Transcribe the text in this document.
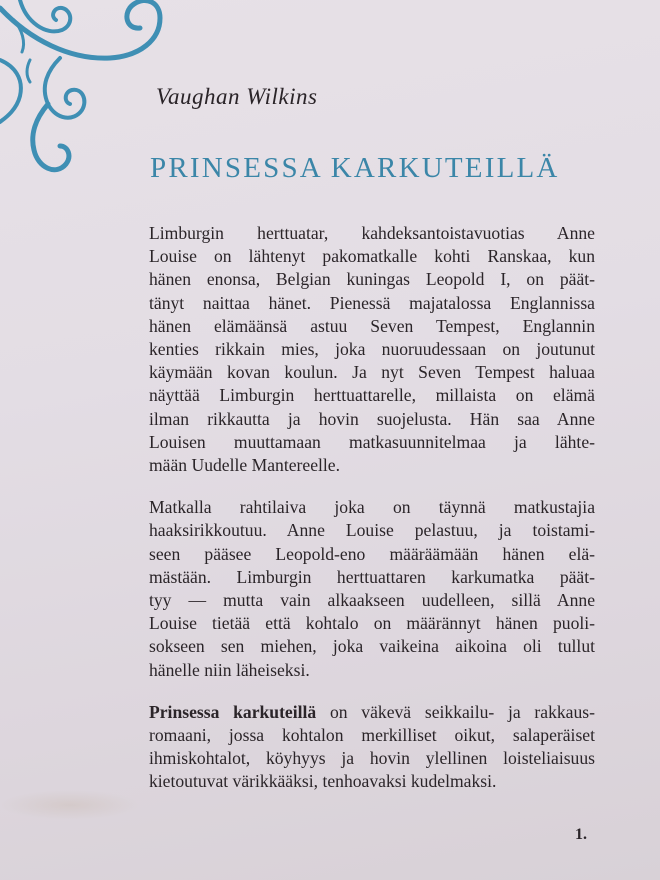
Vaughan Wilkins
PRINSESSA KARKUTEILLÄ

Limburgin herttuatar, kahdeksantoistavuotias Anne
Louise on lähtenyt pakomatkalle kohti Ranskaa, kun
hänen enonsa, Belgian kuningas Leopold I, on päät-
tänyt naittaa hänet. Pienessä majatalossa Englannissa
hänen elämäänsä astuu Seven Tempest, Englannin
kenties rikkain mies, joka nuoruudessaan on joutunut
käymään kovan koulun. Ja nyt Seven Tempest haluaa
näyttää Limburgin herttuattarelle, millaista on elämä
ilman rikkautta ja hovin suojelusta. Hän saa Anne
Louisen muuttamaan matkasuunnitelmaa ja lähte-
mään Uudelle Mantereelle.

Matkalla rahtilaiva joka on täynnä matkustajia
haaksirikkoutuu. Anne Louise pelastuu, ja toistami-
seen pääsee Leopold-eno määräämään hänen elä-
mästään. Limburgin herttuattaren karkumatka päät-
tyy — mutta vain alkaakseen uudelleen, sillä Anne
Louise tietää että kohtalo on määrännyt hänen puoli-
sokseen sen miehen, joka vaikeina aikoina oli tullut
hänelle niin läheiseksi.

Prinsessa karkuteillä on väkevä seikkailu- ja rakkaus-
romaani, jossa kohtalon merkilliset oikut, salaperäiset
ihmiskohtalot, köyhyys ja hovin ylellinen loisteliaisuus
kietoutuvat värikkääksi, tenhoavaksi kudelmaksi.

1.
